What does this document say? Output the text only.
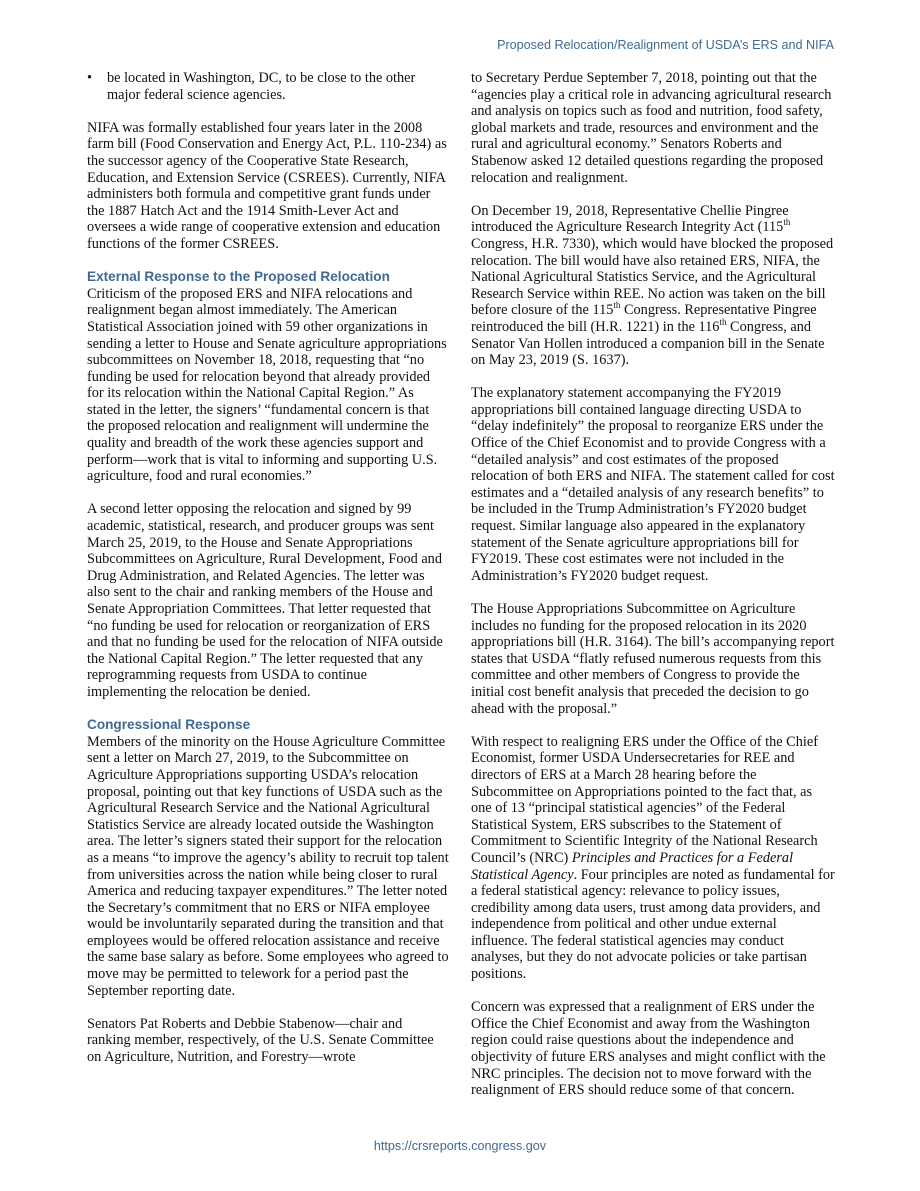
Proposed Relocation/Realignment of USDA’s ERS and NIFA
• be located in Washington, DC, to be close to the other major federal science agencies.

NIFA was formally established four years later in the 2008 farm bill (Food Conservation and Energy Act, P.L. 110-234) as the successor agency of the Cooperative State Research, Education, and Extension Service (CSREES). Currently, NIFA administers both formula and competitive grant funds under the 1887 Hatch Act and the 1914 Smith-Lever Act and oversees a wide range of cooperative extension and education functions of the former CSREES.

External Response to the Proposed Relocation

Criticism of the proposed ERS and NIFA relocations and realignment began almost immediately. The American Statistical Association joined with 59 other organizations in sending a letter to House and Senate agriculture appropriations subcommittees on November 18, 2018, requesting that “no funding be used for relocation beyond that already provided for its relocation within the National Capital Region.” As stated in the letter, the signers’ “fundamental concern is that the proposed relocation and realignment will undermine the quality and breadth of the work these agencies support and perform—work that is vital to informing and supporting U.S. agriculture, food and rural economies.”

A second letter opposing the relocation and signed by 99 academic, statistical, research, and producer groups was sent March 25, 2019, to the House and Senate Appropriations Subcommittees on Agriculture, Rural Development, Food and Drug Administration, and Related Agencies. The letter was also sent to the chair and ranking members of the House and Senate Appropriation Committees. That letter requested that “no funding be used for relocation or reorganization of ERS and that no funding be used for the relocation of NIFA outside the National Capital Region.” The letter requested that any reprogramming requests from USDA to continue implementing the relocation be denied.

Congressional Response

Members of the minority on the House Agriculture Committee sent a letter on March 27, 2019, to the Subcommittee on Agriculture Appropriations supporting USDA’s relocation proposal, pointing out that key functions of USDA such as the Agricultural Research Service and the National Agricultural Statistics Service are already located outside the Washington area. The letter’s signers stated their support for the relocation as a means “to improve the agency’s ability to recruit top talent from universities across the nation while being closer to rural America and reducing taxpayer expenditures.” The letter noted the Secretary’s commitment that no ERS or NIFA employee would be involuntarily separated during the transition and that employees would be offered relocation assistance and receive the same base salary as before. Some employees who agreed to move may be permitted to telework for a period past the September reporting date.

Senators Pat Roberts and Debbie Stabenow—chair and ranking member, respectively, of the U.S. Senate Committee on Agriculture, Nutrition, and Forestry—wrote

to Secretary Perdue September 7, 2018, pointing out that the “agencies play a critical role in advancing agricultural research and analysis on topics such as food and nutrition, food safety, global markets and trade, resources and environment and the rural and agricultural economy.” Senators Roberts and Stabenow asked 12 detailed questions regarding the proposed relocation and realignment.

On December 19, 2018, Representative Chellie Pingree introduced the Agriculture Research Integrity Act (115th Congress, H.R. 7330), which would have blocked the proposed relocation. The bill would have also retained ERS, NIFA, the National Agricultural Statistics Service, and the Agricultural Research Service within REE. No action was taken on the bill before closure of the 115th Congress. Representative Pingree reintroduced the bill (H.R. 1221) in the 116th Congress, and Senator Van Hollen introduced a companion bill in the Senate on May 23, 2019 (S. 1637).

The explanatory statement accompanying the FY2019 appropriations bill contained language directing USDA to “delay indefinitely” the proposal to reorganize ERS under the Office of the Chief Economist and to provide Congress with a “detailed analysis” and cost estimates of the proposed relocation of both ERS and NIFA. The statement called for cost estimates and a “detailed analysis of any research benefits” to be included in the Trump Administration’s FY2020 budget request. Similar language also appeared in the explanatory statement of the Senate agriculture appropriations bill for FY2019. These cost estimates were not included in the Administration’s FY2020 budget request.

The House Appropriations Subcommittee on Agriculture includes no funding for the proposed relocation in its 2020 appropriations bill (H.R. 3164). The bill’s accompanying report states that USDA “flatly refused numerous requests from this committee and other members of Congress to provide the initial cost benefit analysis that preceded the decision to go ahead with the proposal.”

With respect to realigning ERS under the Office of the Chief Economist, former USDA Undersecretaries for REE and directors of ERS at a March 28 hearing before the Subcommittee on Appropriations pointed to the fact that, as one of 13 “principal statistical agencies” of the Federal Statistical System, ERS subscribes to the Statement of Commitment to Scientific Integrity of the National Research Council’s (NRC) Principles and Practices for a Federal Statistical Agency. Four principles are noted as fundamental for a federal statistical agency: relevance to policy issues, credibility among data users, trust among data providers, and independence from political and other undue external influence. The federal statistical agencies may conduct analyses, but they do not advocate policies or take partisan positions.

Concern was expressed that a realignment of ERS under the Office the Chief Economist and away from the Washington region could raise questions about the independence and objectivity of future ERS analyses and might conflict with the NRC principles. The decision not to move forward with the realignment of ERS should reduce some of that concern.

https://crsreports.congress.gov
